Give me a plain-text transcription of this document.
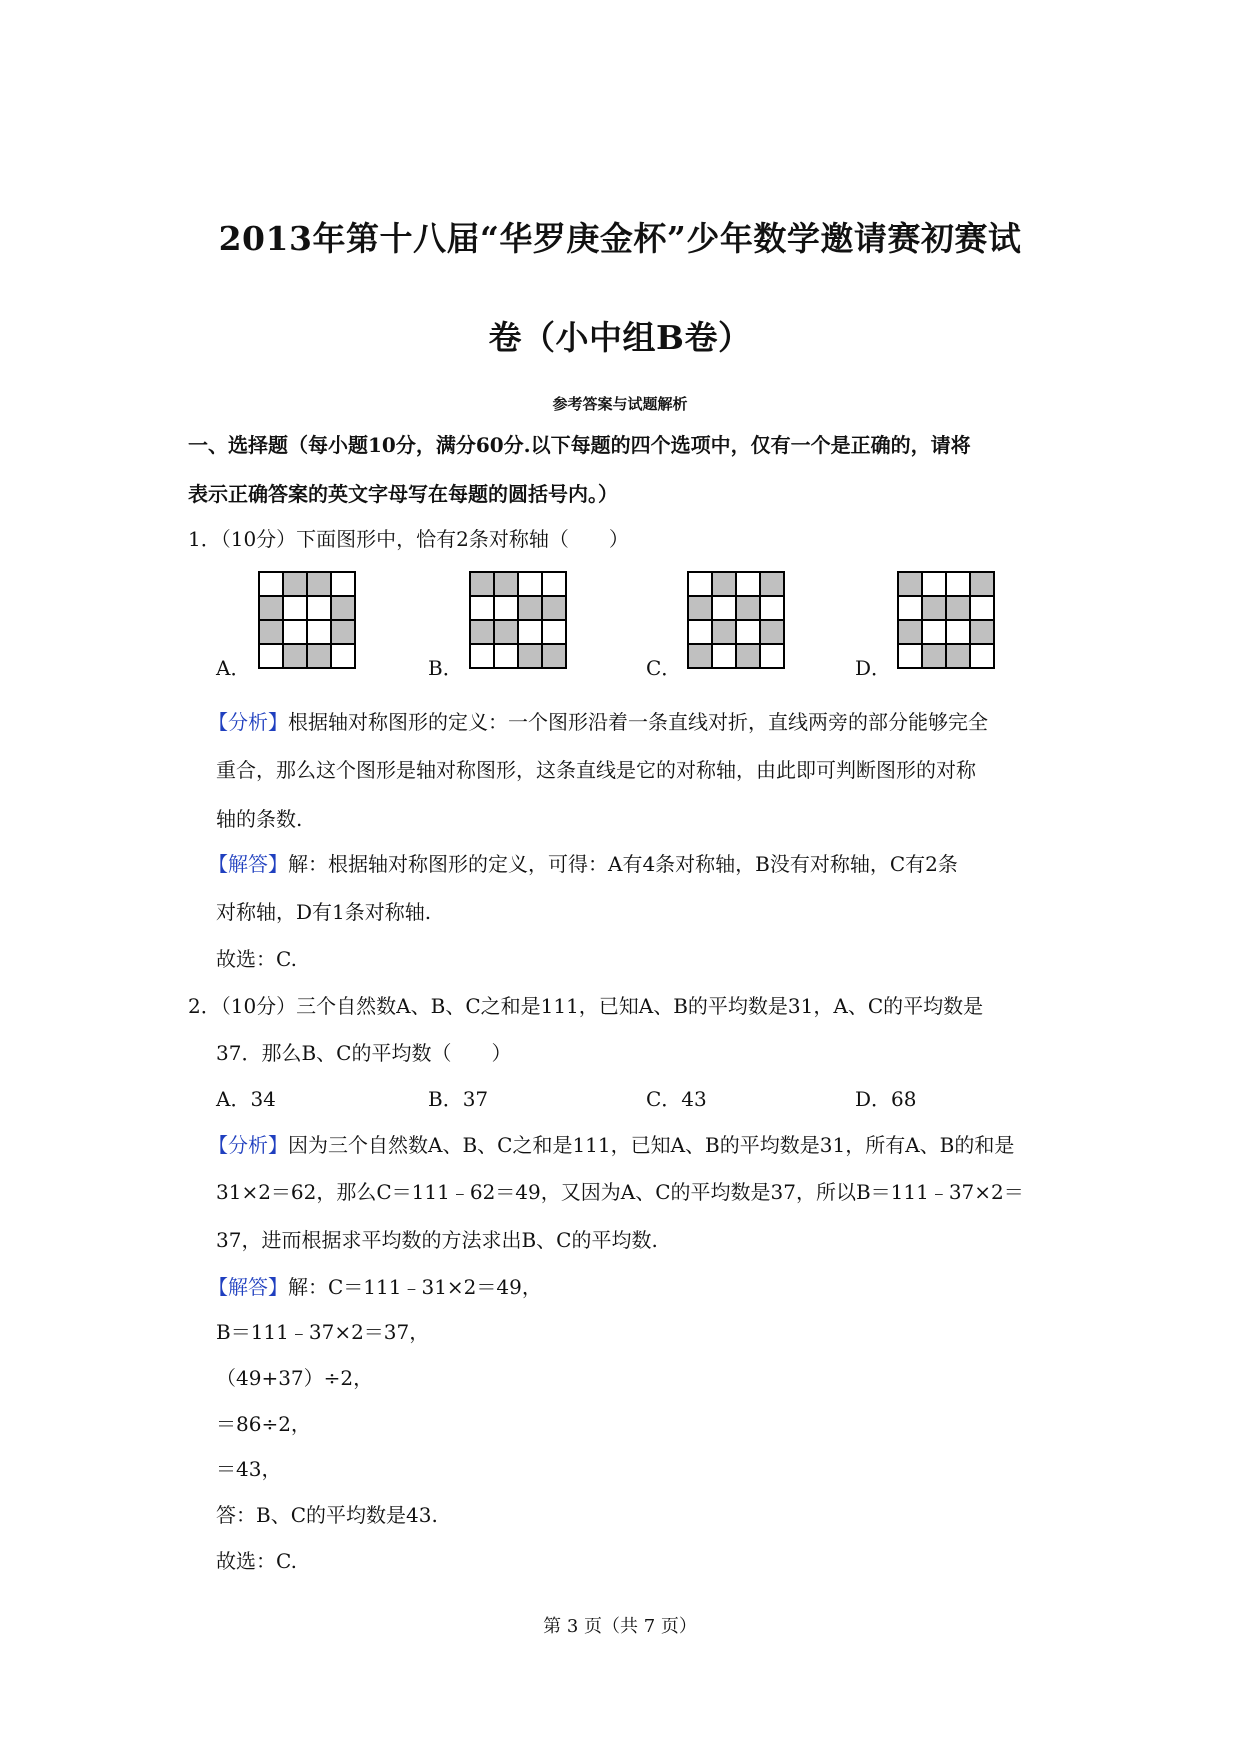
2013年第十八届“华罗庚金杯”少年数学邀请赛初赛试
卷（小中组B卷）
参考答案与试题解析
一、选择题（每小题10分，满分60分.以下每题的四个选项中，仅有一个是正确的，请将
表示正确答案的英文字母写在每题的圆括号内。）
1．（10分）下面图形中，恰有2条对称轴（　　）
A．	B．	C．	D．
【分析】根据轴对称图形的定义：一个图形沿着一条直线对折，直线两旁的部分能够完全
重合，那么这个图形是轴对称图形，这条直线是它的对称轴，由此即可判断图形的对称
轴的条数.
【解答】解：根据轴对称图形的定义，可得：A有4条对称轴，B没有对称轴，C有2条
对称轴，D有1条对称轴.
故选：C.
2．（10分）三个自然数A、B、C之和是111，已知A、B的平均数是31，A、C的平均数是
37．那么B、C的平均数（　　）
A．34	B．37	C．43	D．68
【分析】因为三个自然数A、B、C之和是111，已知A、B的平均数是31，所有A、B的和是
31×2＝62，那么C＝111﹣62＝49，又因为A、C的平均数是37，所以B＝111﹣37×2＝
37，进而根据求平均数的方法求出B、C的平均数.
【解答】解：C＝111﹣31×2＝49，
B＝111﹣37×2＝37，
（49+37）÷2，
＝86÷2，
＝43，
答：B、C的平均数是43.
故选：C.
第 3 页（共 7 页）
